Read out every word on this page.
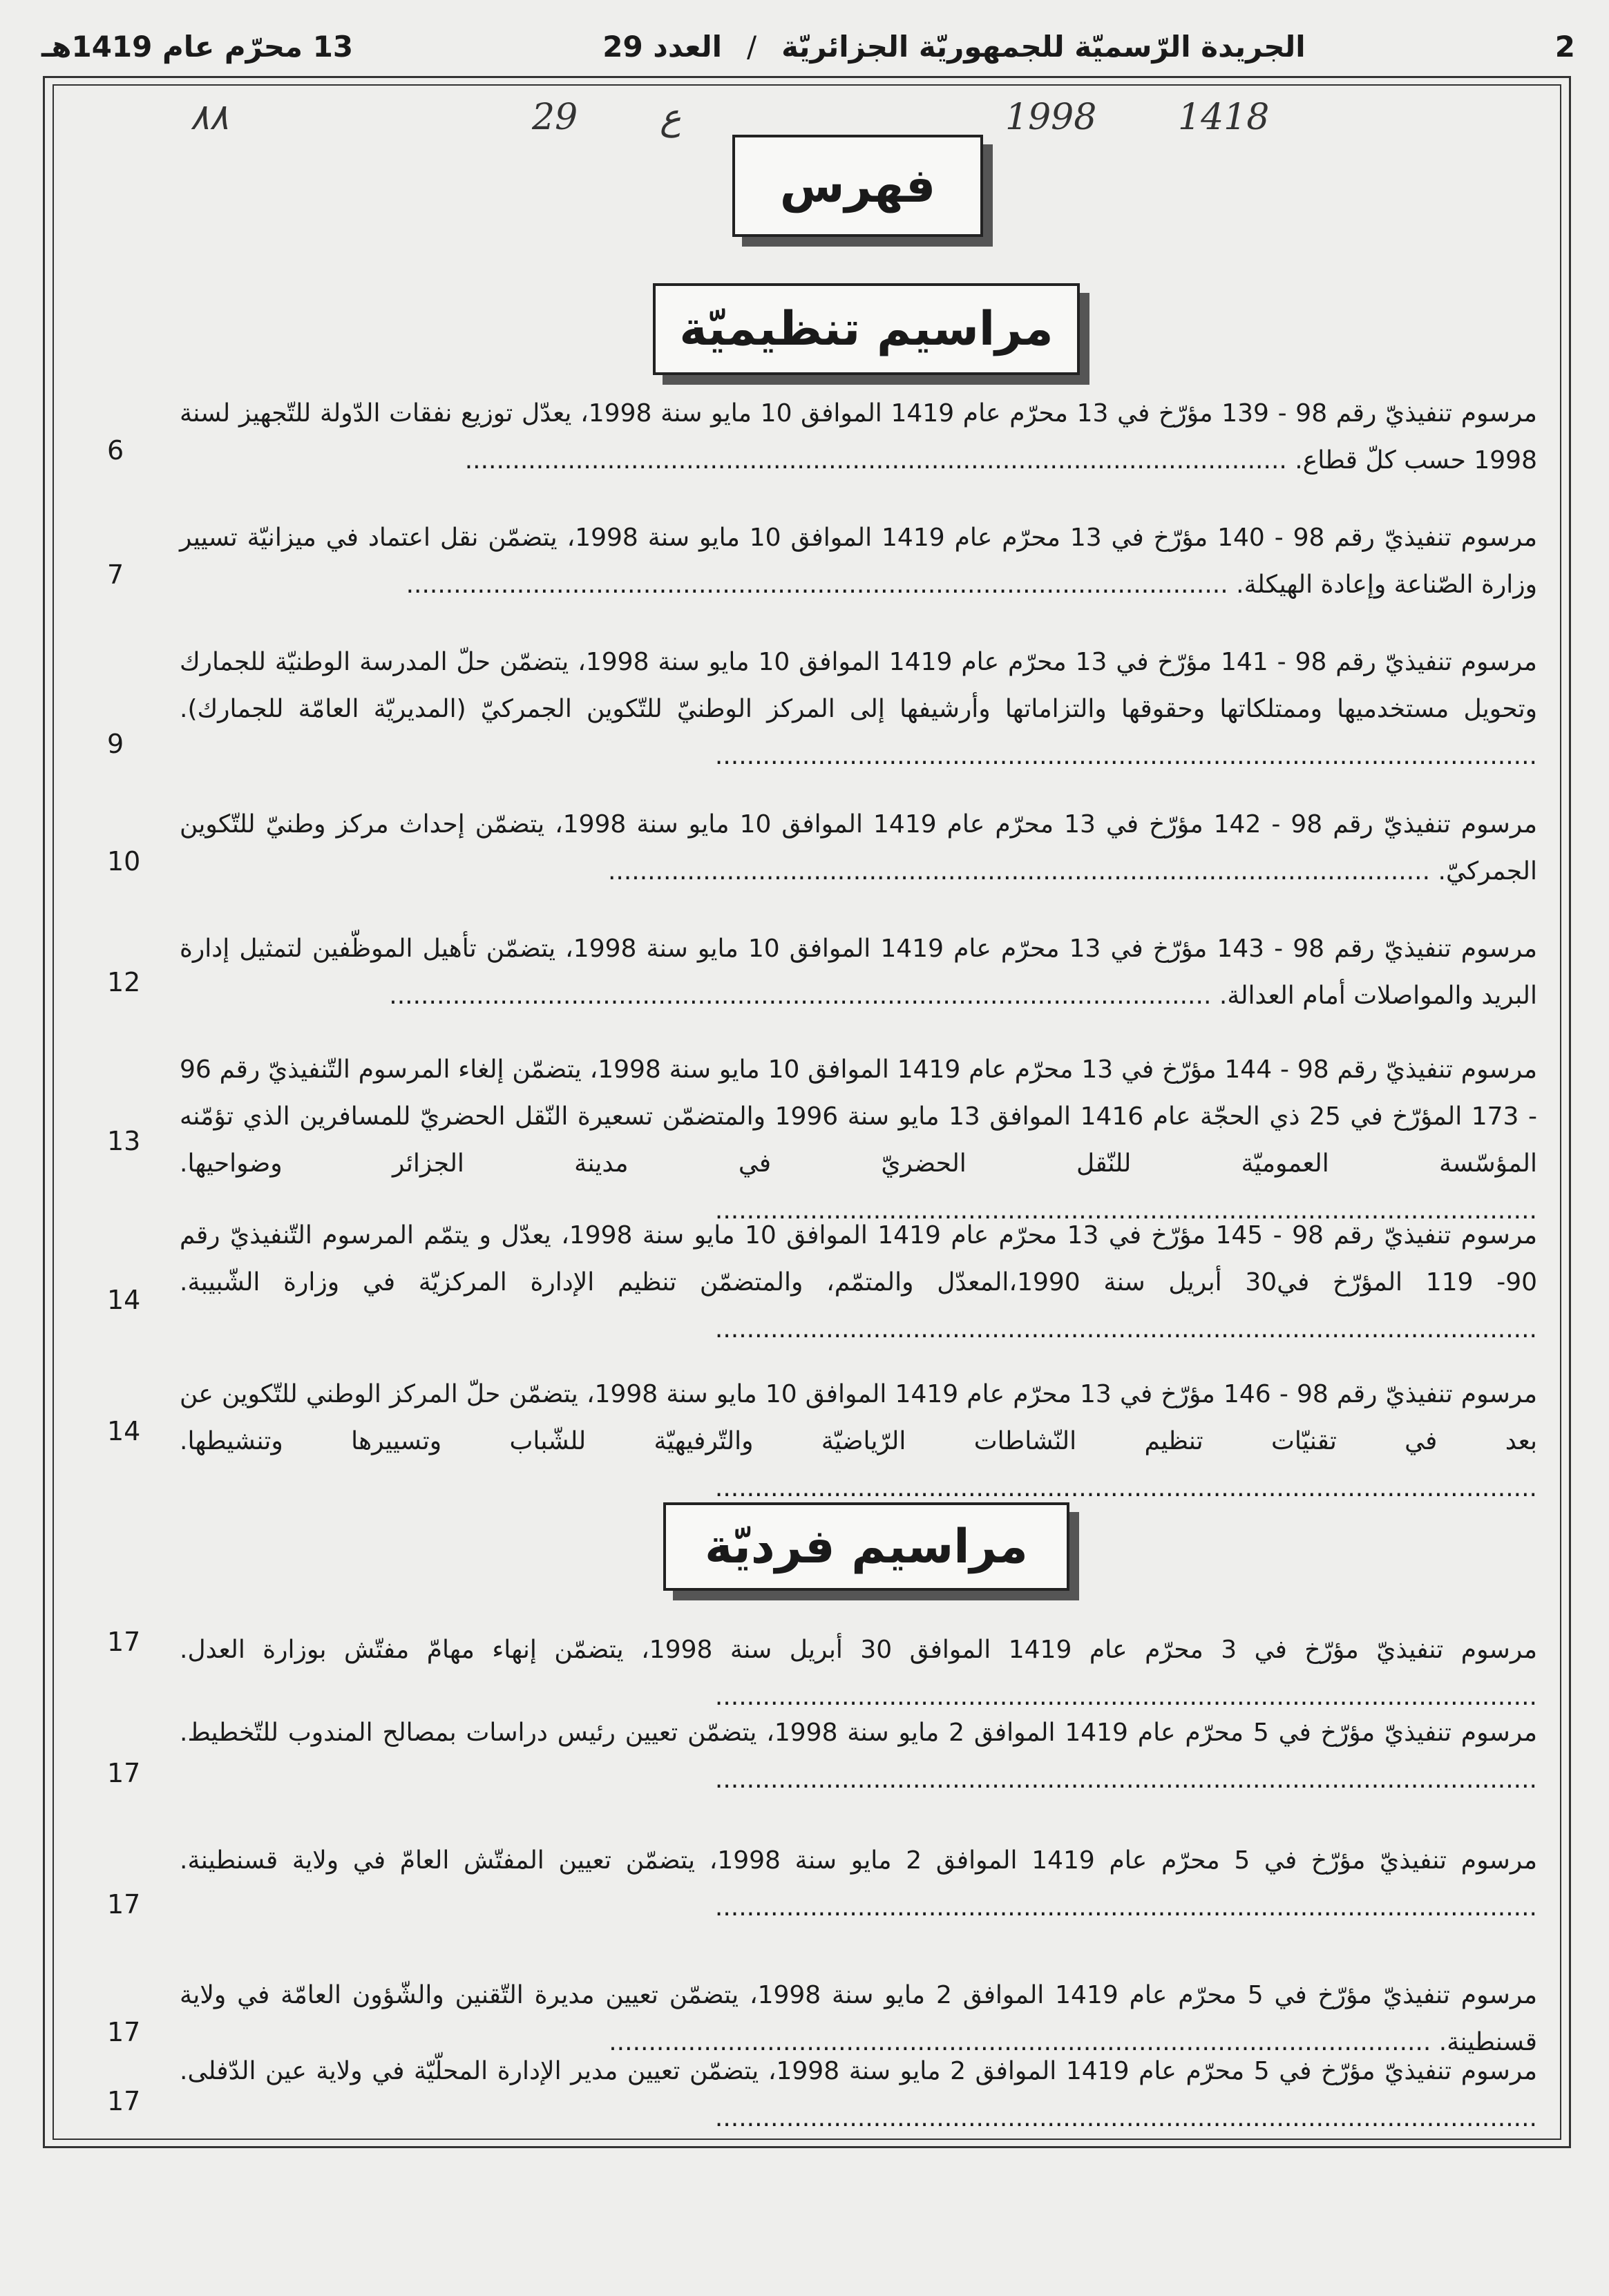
2
الجريدة الرّسميّة للجمهوريّة الجزائريّة
/
العدد 29
13 محرّم عام 1419هـ
1418
1998
ع
29
٨٨
فهرس
مراسيم تنظيميّة
مراسيم فرديّة
مرسوم تنفيذيّ رقم 98 - 139 مؤرّخ في 13 محرّم عام 1419 الموافق 10 مايو سنة 1998، يعدّل توزيع نفقات الدّولة للتّجهيز لسنة 1998 حسب كلّ قطاع. .....
6
مرسوم تنفيذيّ رقم 98 - 140 مؤرّخ في 13 محرّم عام 1419 الموافق 10 مايو سنة 1998، يتضمّن نقل اعتماد في ميزانيّة تسيير وزارة الصّناعة وإعادة الهيكلة. .....
7
مرسوم تنفيذيّ رقم 98 - 141 مؤرّخ في 13 محرّم عام 1419 الموافق 10 مايو سنة 1998، يتضمّن حلّ المدرسة الوطنيّة للجمارك وتحويل مستخدميها وممتلكاتها وحقوقها والتزاماتها وأرشيفها إلى المركز الوطنيّ للتّكوين الجمركيّ (المديريّة العامّة للجمارك). .....
9
مرسوم تنفيذيّ رقم 98 - 142 مؤرّخ في 13 محرّم عام 1419 الموافق 10 مايو سنة 1998، يتضمّن إحداث مركز وطنيّ للتّكوين الجمركيّ. .....
10
مرسوم تنفيذيّ رقم 98 - 143 مؤرّخ في 13 محرّم عام 1419 الموافق 10 مايو سنة 1998، يتضمّن تأهيل الموظّفين لتمثيل إدارة البريد والمواصلات أمام العدالة. .....
12
مرسوم تنفيذيّ رقم 98 - 144 مؤرّخ في 13 محرّم عام 1419 الموافق 10 مايو سنة 1998، يتضمّن إلغاء المرسوم التّنفيذيّ رقم 96 - 173 المؤرّخ في 25 ذي الحجّة عام 1416 الموافق 13 مايو سنة 1996 والمتضمّن تسعيرة النّقل الحضريّ للمسافرين الذي تؤمّنه المؤسّسة العموميّة للنّقل الحضريّ في مدينة الجزائر وضواحيها. .....
13
مرسوم تنفيذيّ رقم 98 - 145 مؤرّخ في 13 محرّم عام 1419 الموافق 10 مايو سنة 1998، يعدّل و يتمّم المرسوم التّنفيذيّ رقم 90- 119 المؤرّخ في30 أبريل سنة 1990،المعدّل والمتمّم، والمتضمّن تنظيم الإدارة المركزيّة في وزارة الشّبيبة. .....
14
مرسوم تنفيذيّ رقم 98 - 146 مؤرّخ في 13 محرّم عام 1419 الموافق 10 مايو سنة 1998، يتضمّن حلّ المركز الوطني للتّكوين عن بعد في تقنيّات تنظيم النّشاطات الرّياضيّة والتّرفيهيّة للشّباب وتسييرها وتنشيطها. .....
14
مرسوم تنفيذيّ مؤرّخ في 3 محرّم عام 1419 الموافق 30 أبريل سنة 1998، يتضمّن إنهاء مهامّ مفتّش بوزارة العدل. .....
17
مرسوم تنفيذيّ مؤرّخ في 5 محرّم عام 1419 الموافق 2 مايو سنة 1998، يتضمّن تعيين رئيس دراسات بمصالح المندوب للتّخطيط. .....
17
مرسوم تنفيذيّ مؤرّخ في 5 محرّم عام 1419 الموافق 2 مايو سنة 1998، يتضمّن تعيين المفتّش العامّ في ولاية قسنطينة. .....
17
مرسوم تنفيذيّ مؤرّخ في 5 محرّم عام 1419 الموافق 2 مايو سنة 1998، يتضمّن تعيين مديرة التّقنين والشّؤون العامّة في ولاية قسنطينة. .....
17
مرسوم تنفيذيّ مؤرّخ في 5 محرّم عام 1419 الموافق 2 مايو سنة 1998، يتضمّن تعيين مدير الإدارة المحلّيّة في ولاية عين الدّفلى. .....
17
